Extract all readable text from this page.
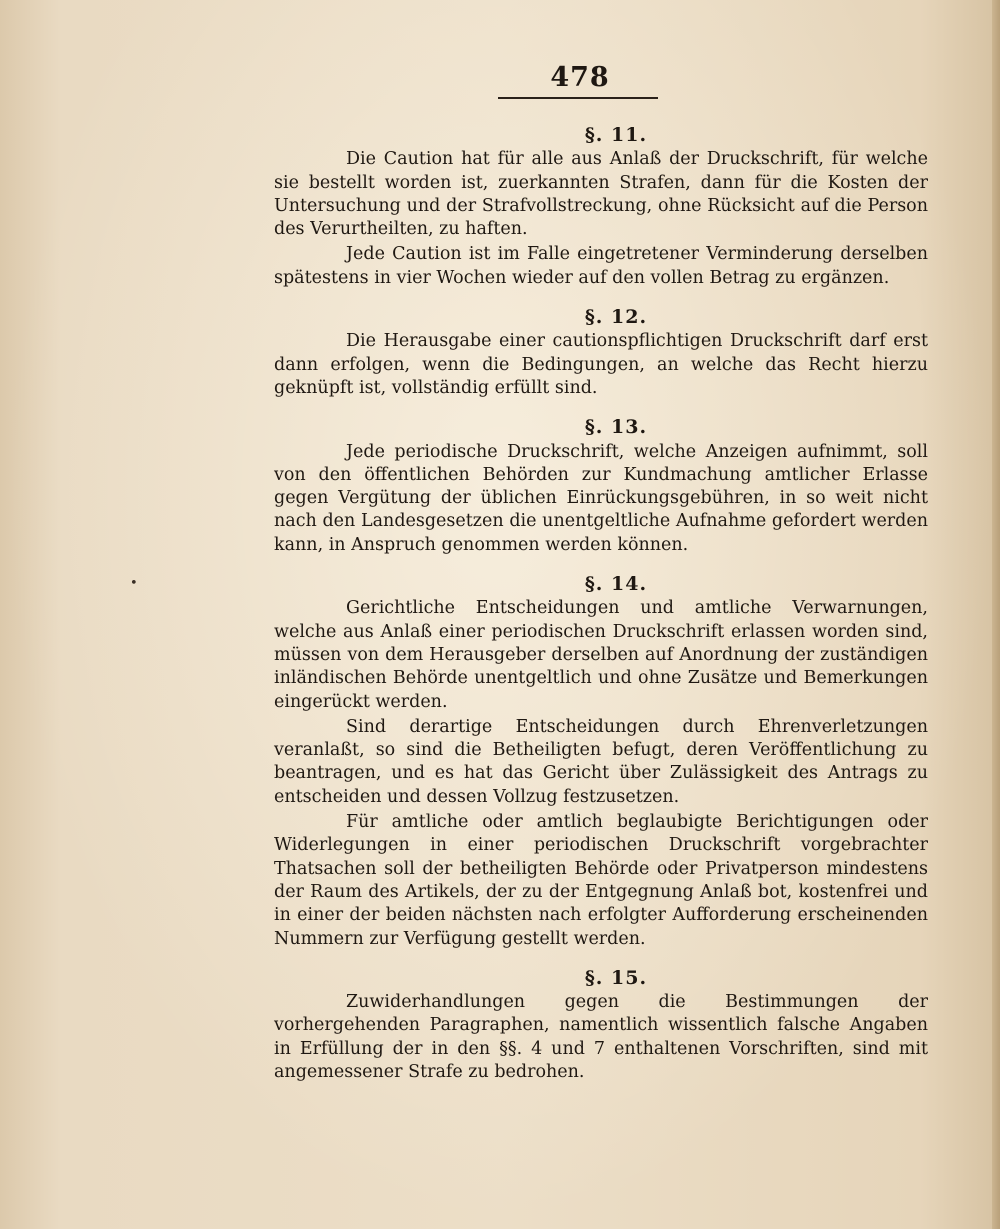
478
•
§. 11.

Die Caution hat für alle aus Anlaß der Druckschrift, für welche sie bestellt worden ist, zuerkannten Strafen, dann für die Kosten der Untersuchung und der Strafvollstreckung, ohne Rücksicht auf die Person des Verurtheilten, zu haften.

Jede Caution ist im Falle eingetretener Verminderung derselben spätestens in vier Wochen wieder auf den vollen Betrag zu ergänzen.

§. 12.

Die Herausgabe einer cautionspflichtigen Druckschrift darf erst dann erfolgen, wenn die Bedingungen, an welche das Recht hierzu geknüpft ist, vollständig erfüllt sind.

§. 13.

Jede periodische Druckschrift, welche Anzeigen aufnimmt, soll von den öffentlichen Behörden zur Kundmachung amtlicher Erlasse gegen Vergütung der üblichen Einrückungsgebühren, in so weit nicht nach den Landesgesetzen die unentgeltliche Aufnahme gefordert werden kann, in Anspruch genommen werden können.

§. 14.

Gerichtliche Entscheidungen und amtliche Verwarnungen, welche aus Anlaß einer periodischen Druckschrift erlassen worden sind, müssen von dem Herausgeber derselben auf Anordnung der zuständigen inländischen Behörde unentgeltlich und ohne Zusätze und Bemerkungen eingerückt werden.

Sind derartige Entscheidungen durch Ehrenverletzungen veranlaßt, so sind die Betheiligten befugt, deren Veröffentlichung zu beantragen, und es hat das Gericht über Zulässigkeit des Antrags zu entscheiden und dessen Vollzug festzusetzen.

Für amtliche oder amtlich beglaubigte Berichtigungen oder Widerlegungen in einer periodischen Druckschrift vorgebrachter Thatsachen soll der betheiligten Behörde oder Privatperson mindestens der Raum des Artikels, der zu der Entgegnung Anlaß bot, kostenfrei und in einer der beiden nächsten nach erfolgter Aufforderung erscheinenden Nummern zur Verfügung gestellt werden.

§. 15.

Zuwiderhandlungen gegen die Bestimmungen der vorhergehenden Paragraphen, namentlich wissentlich falsche Angaben in Erfüllung der in den §§. 4 und 7 enthaltenen Vorschriften, sind mit angemessener Strafe zu bedrohen.
